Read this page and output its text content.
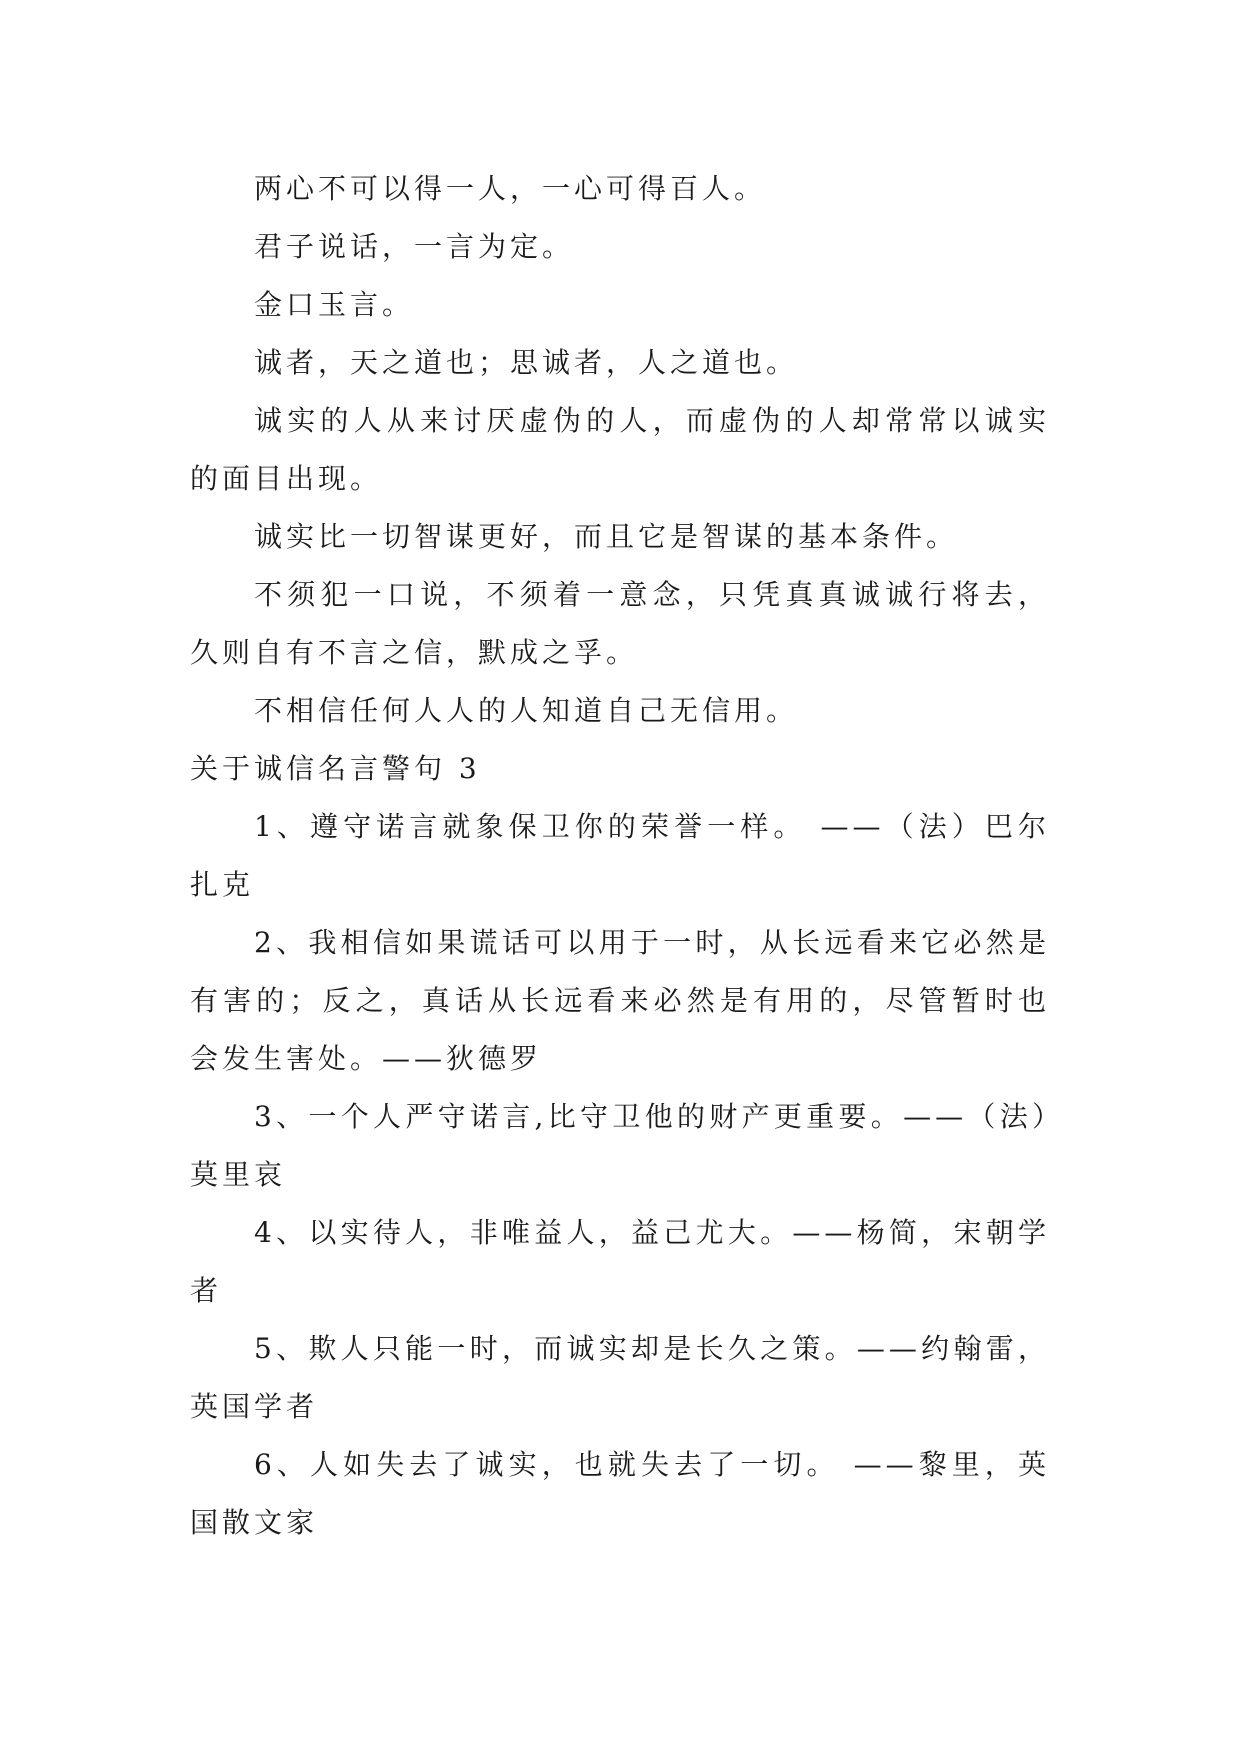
两心不可以得一人，一心可得百人。

君子说话，一言为定。

金口玉言。

诚者，天之道也；思诚者，人之道也。

诚实的人从来讨厌虚伪的人，而虚伪的人却常常以诚实的面目出现。

诚实比一切智谋更好，而且它是智谋的基本条件。

不须犯一口说，不须着一意念，只凭真真诚诚行将去，久则自有不言之信，默成之孚。

不相信任何人人的人知道自己无信用。

关于诚信名言警句 3

1、遵守诺言就象保卫你的荣誉一样。 ——（法）巴尔扎克

2、我相信如果谎话可以用于一时，从长远看来它必然是有害的；反之，真话从长远看来必然是有用的，尽管暂时也会发生害处。——狄德罗

3、一个人严守诺言,比守卫他的财产更重要。——（法）莫里哀

4、以实待人，非唯益人，益己尤大。——杨简，宋朝学者

5、欺人只能一时，而诚实却是长久之策。——约翰雷，英国学者

6、人如失去了诚实，也就失去了一切。 ——黎里，英国散文家
